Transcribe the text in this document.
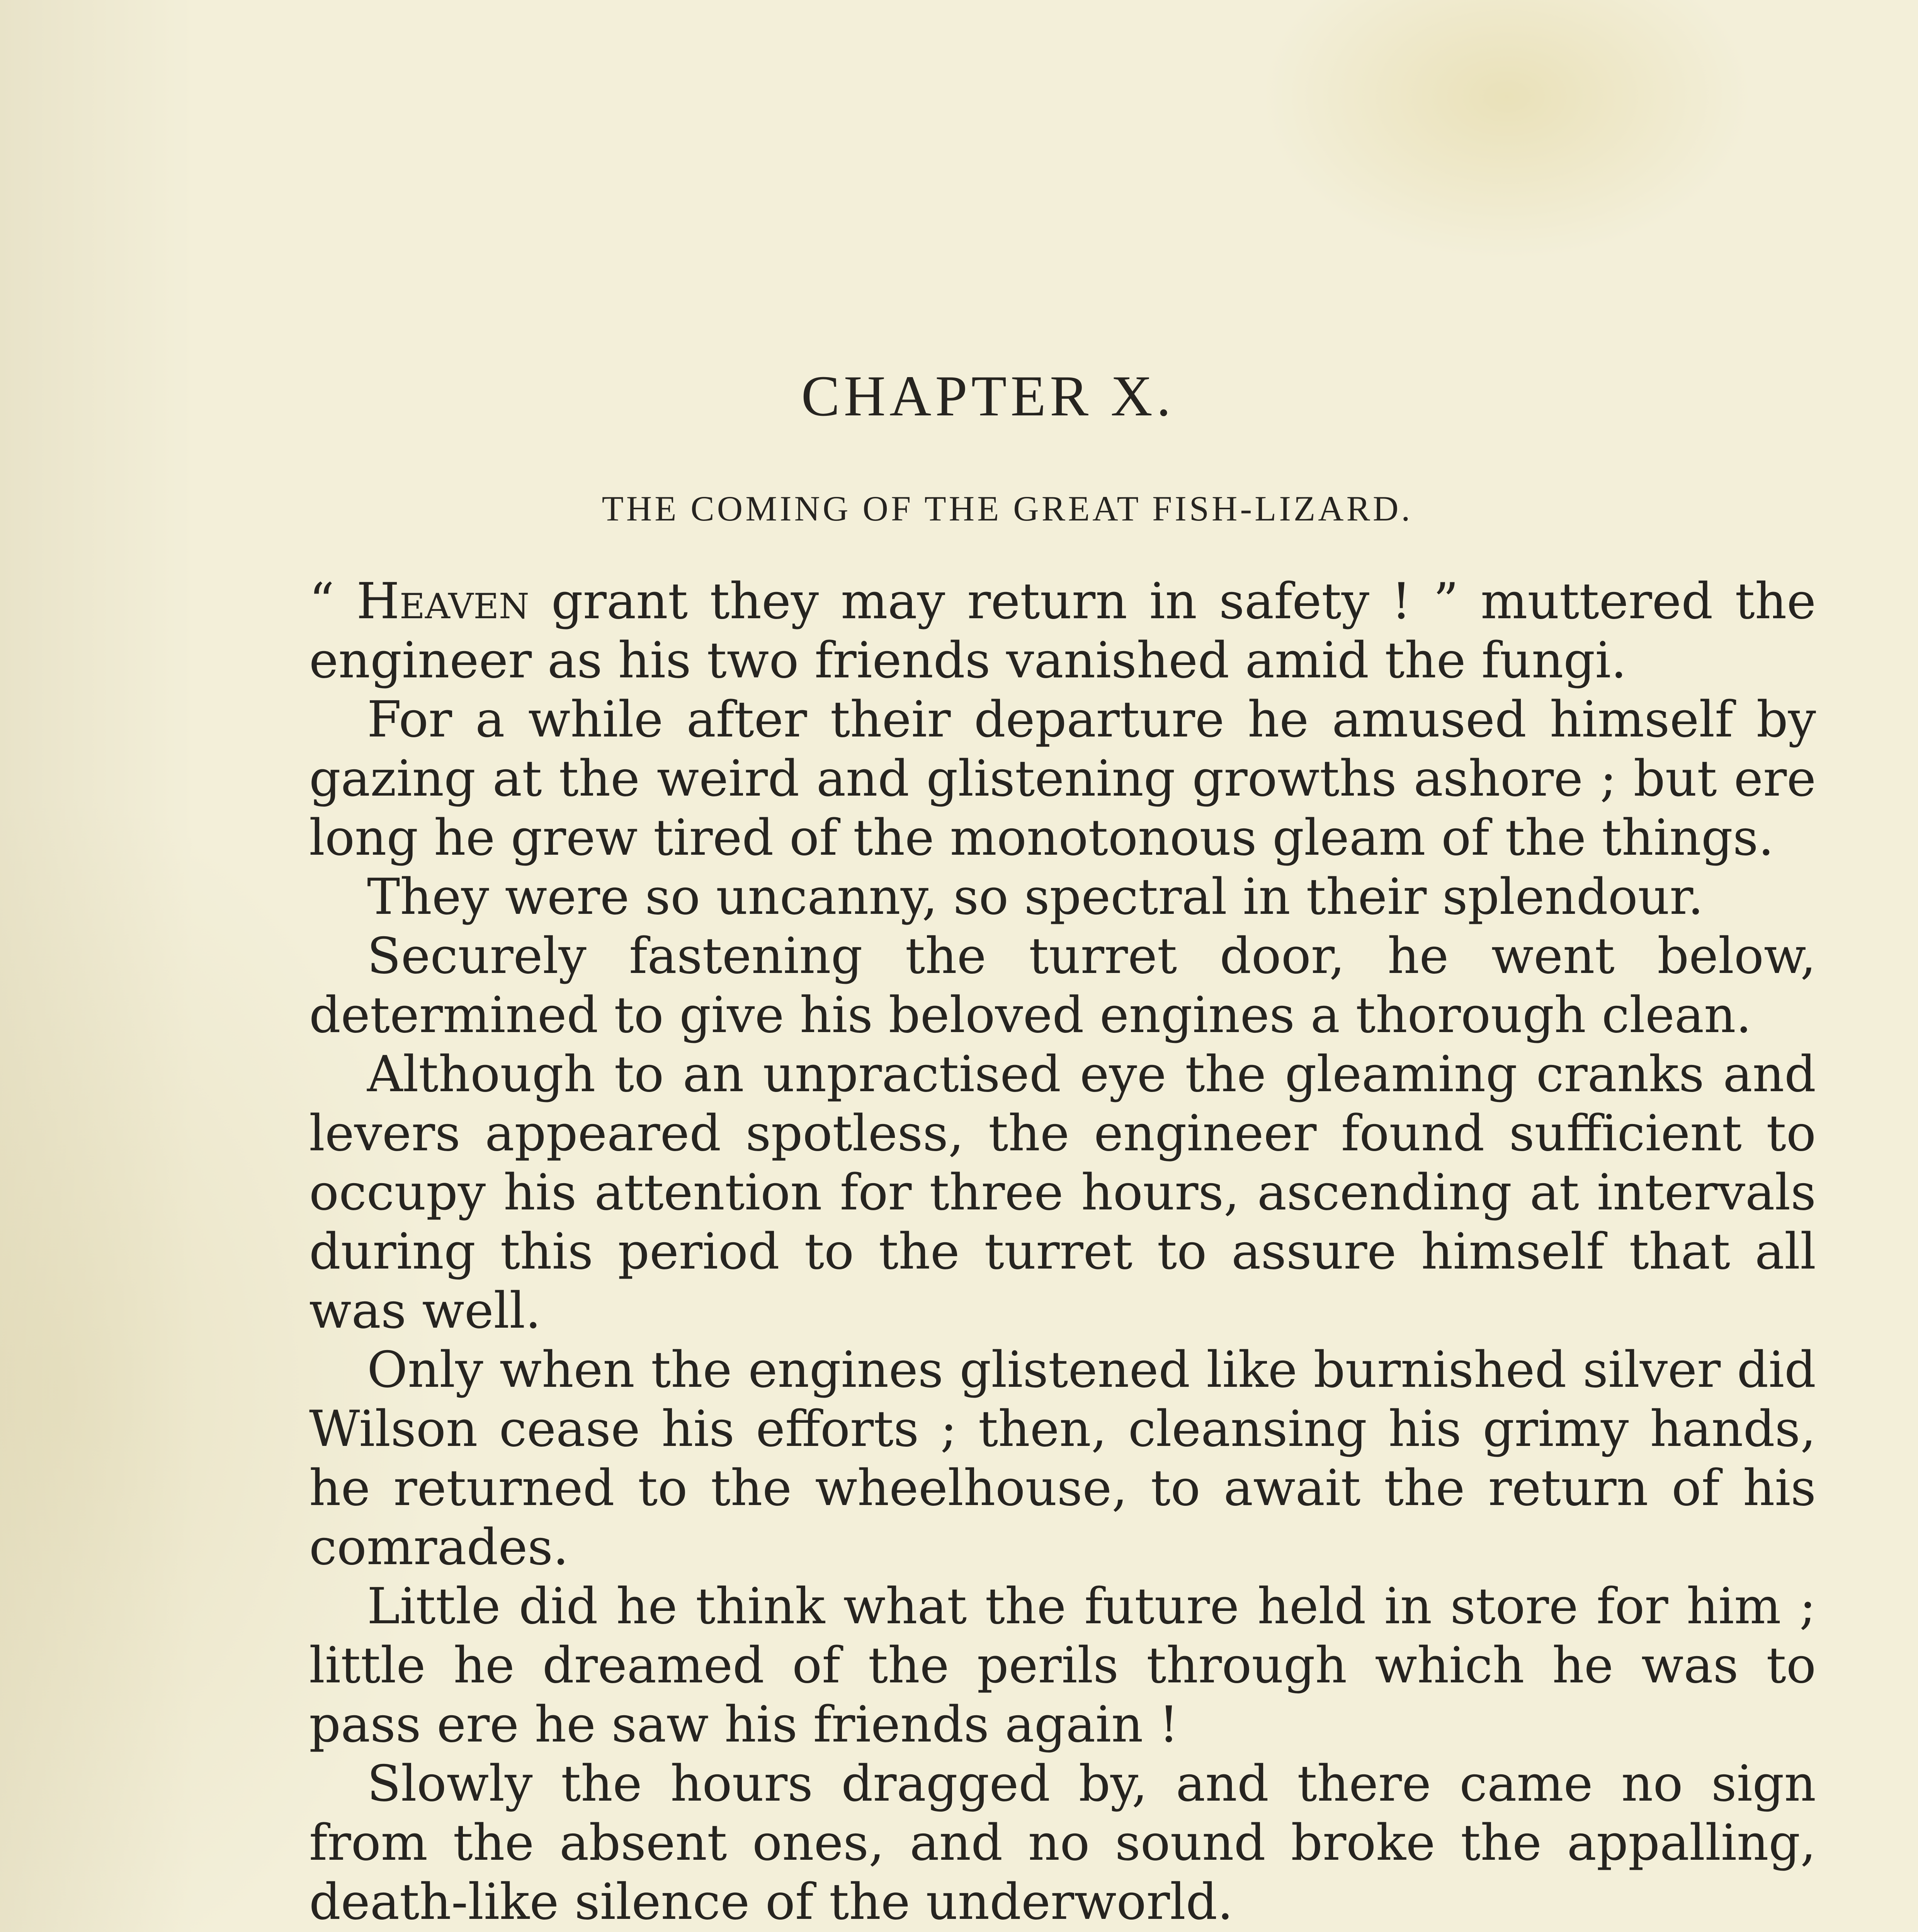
CHAPTER X.
THE COMING OF THE GREAT FISH-LIZARD.

“ Heaven grant they may return in safety ! ” muttered the engineer as his two friends vanished amid the fungi.

For a while after their departure he amused himself by gazing at the weird and glistening growths ashore ; but ere long he grew tired of the monotonous gleam of the things.

They were so uncanny, so spectral in their splendour.

Securely fastening the turret door, he went below, determined to give his beloved engines a thorough clean.

Although to an unpractised eye the gleaming cranks and levers appeared spotless, the engineer found sufficient to occupy his attention for three hours, ascending at intervals during this period to the turret to assure himself that all was well.

Only when the engines glistened like burnished silver did Wilson cease his efforts ; then, cleansing his grimy hands, he returned to the wheelhouse, to await the return of his comrades.

Little did he think what the future held in store for him ; little he dreamed of the perils through which he was to pass ere he saw his friends again !

Slowly the hours dragged by, and there came no sign from the absent ones, and no sound broke the appalling, death-like silence of the underworld.
